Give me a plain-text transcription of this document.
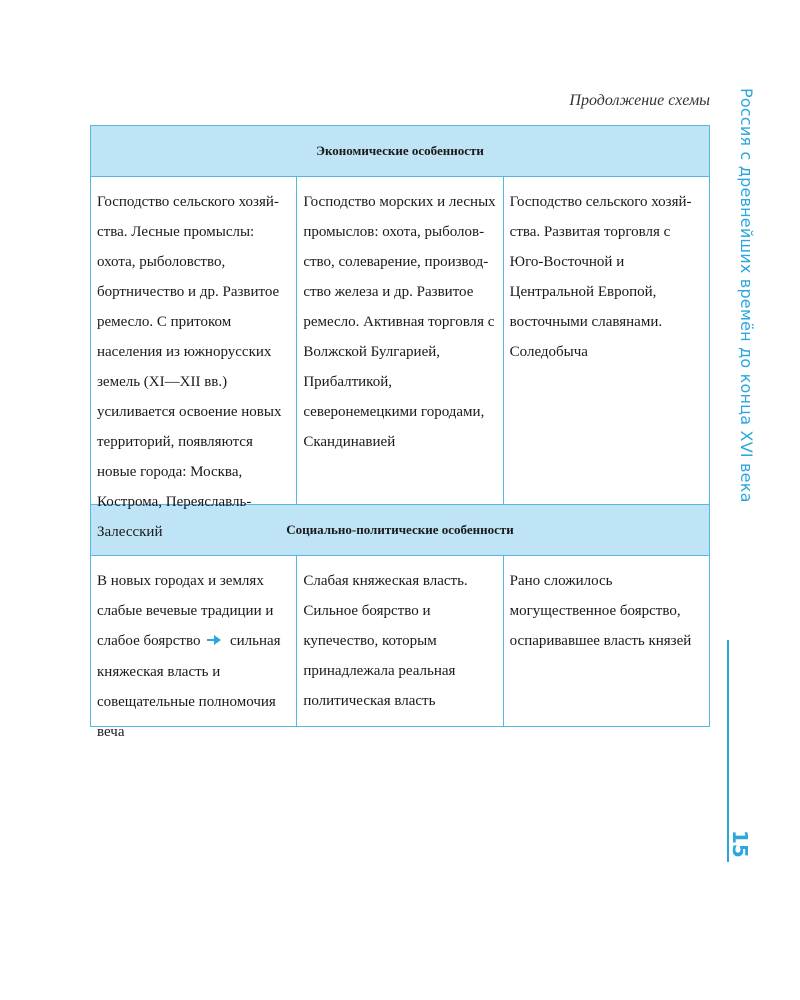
Продолжение схемы
Экономические особенности
Господство сельского хозяйства. Лесные промыслы: охота, рыболовство, бортничество и др. Развитое ремесло. С притоком населения из южнорусских земель (XI—XII вв.) усиливается освоение новых территорий, появляются новые города: Москва, Кострома, Переяславль-Залесский
Господство морских и лесных промыслов: охота, рыболовство, солеварение, производство железа и др. Развитое ремесло. Активная торговля с Волжской Булгарией, Прибалтикой, северонемецкими городами, Скандинавией
Господство сельского хозяйства. Развитая торговля с Юго-Восточной и Центральной Европой, восточными славянами. Соледобыча
Социально-политические особенности
В новых городах и землях слабые вечевые традиции и слабое боярство сильная княжеская власть и совещательные полномочия веча
Слабая княжеская власть. Сильное боярство и купечество, которым принадлежала реальная политическая власть
Рано сложилось могущественное боярство, оспаривавшее власть князей
Россия с древнейших времён до конца XVI века
15
